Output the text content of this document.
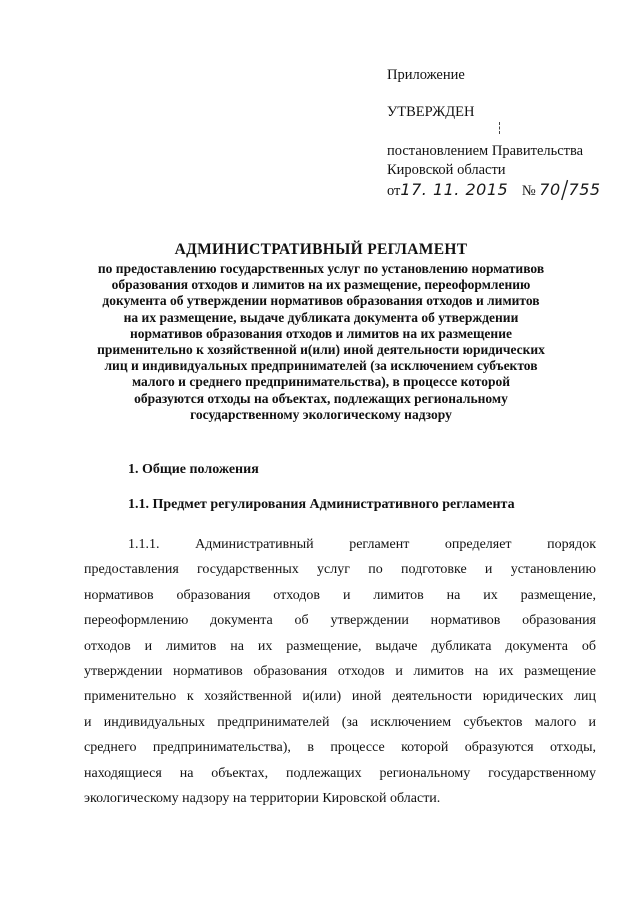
Приложение
УТВЕРЖДЕН
постановлением Правительства
Кировской области
от17. 11. 2015 № 70/755
АДМИНИСТРАТИВНЫЙ РЕГЛАМЕНТ
по предоставлению государственных услуг по установлению нормативов
образования отходов и лимитов на их размещение, переоформлению
документа об утверждении нормативов образования отходов и лимитов
на их размещение, выдаче дубликата документа об утверждении
нормативов образования отходов и лимитов на их размещение
применительно к хозяйственной и(или) иной деятельности юридических
лиц и индивидуальных предпринимателей (за исключением субъектов
малого и среднего предпринимательства), в процессе которой
образуются отходы на объектах, подлежащих региональному
государственному экологическому надзору
1. Общие положения
1.1. Предмет регулирования Административного регламента
1.1.1. Административный регламент определяет порядок
предоставления государственных услуг по подготовке и установлению
нормативов образования отходов и лимитов на их размещение,
переоформлению документа об утверждении нормативов образования
отходов и лимитов на их размещение, выдаче дубликата документа об
утверждении нормативов образования отходов и лимитов на их размещение
применительно к хозяйственной и(или) иной деятельности юридических лиц
и индивидуальных предпринимателей (за исключением субъектов малого и
среднего предпринимательства), в процессе которой образуются отходы,
находящиеся на объектах, подлежащих региональному государственному
экологическому надзору на территории Кировской области.
